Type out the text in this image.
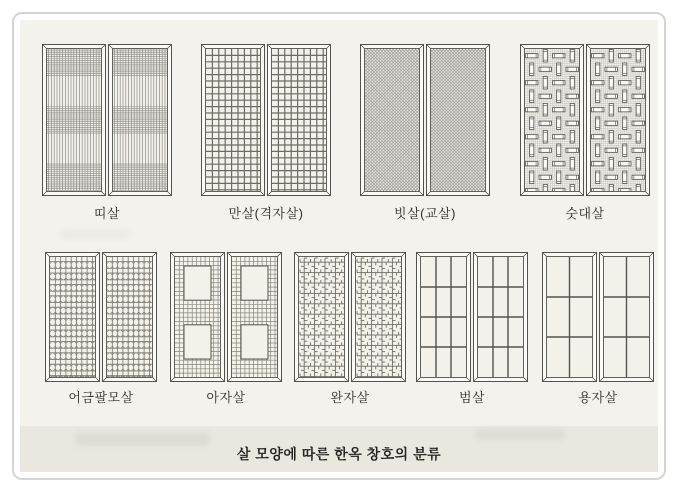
살 모양에 따른 한옥 창호의 분류
띠살	만살(격자살)	빗살(교살)	숫대살
어금팔모살	아자살	완자살	범살	용자살
